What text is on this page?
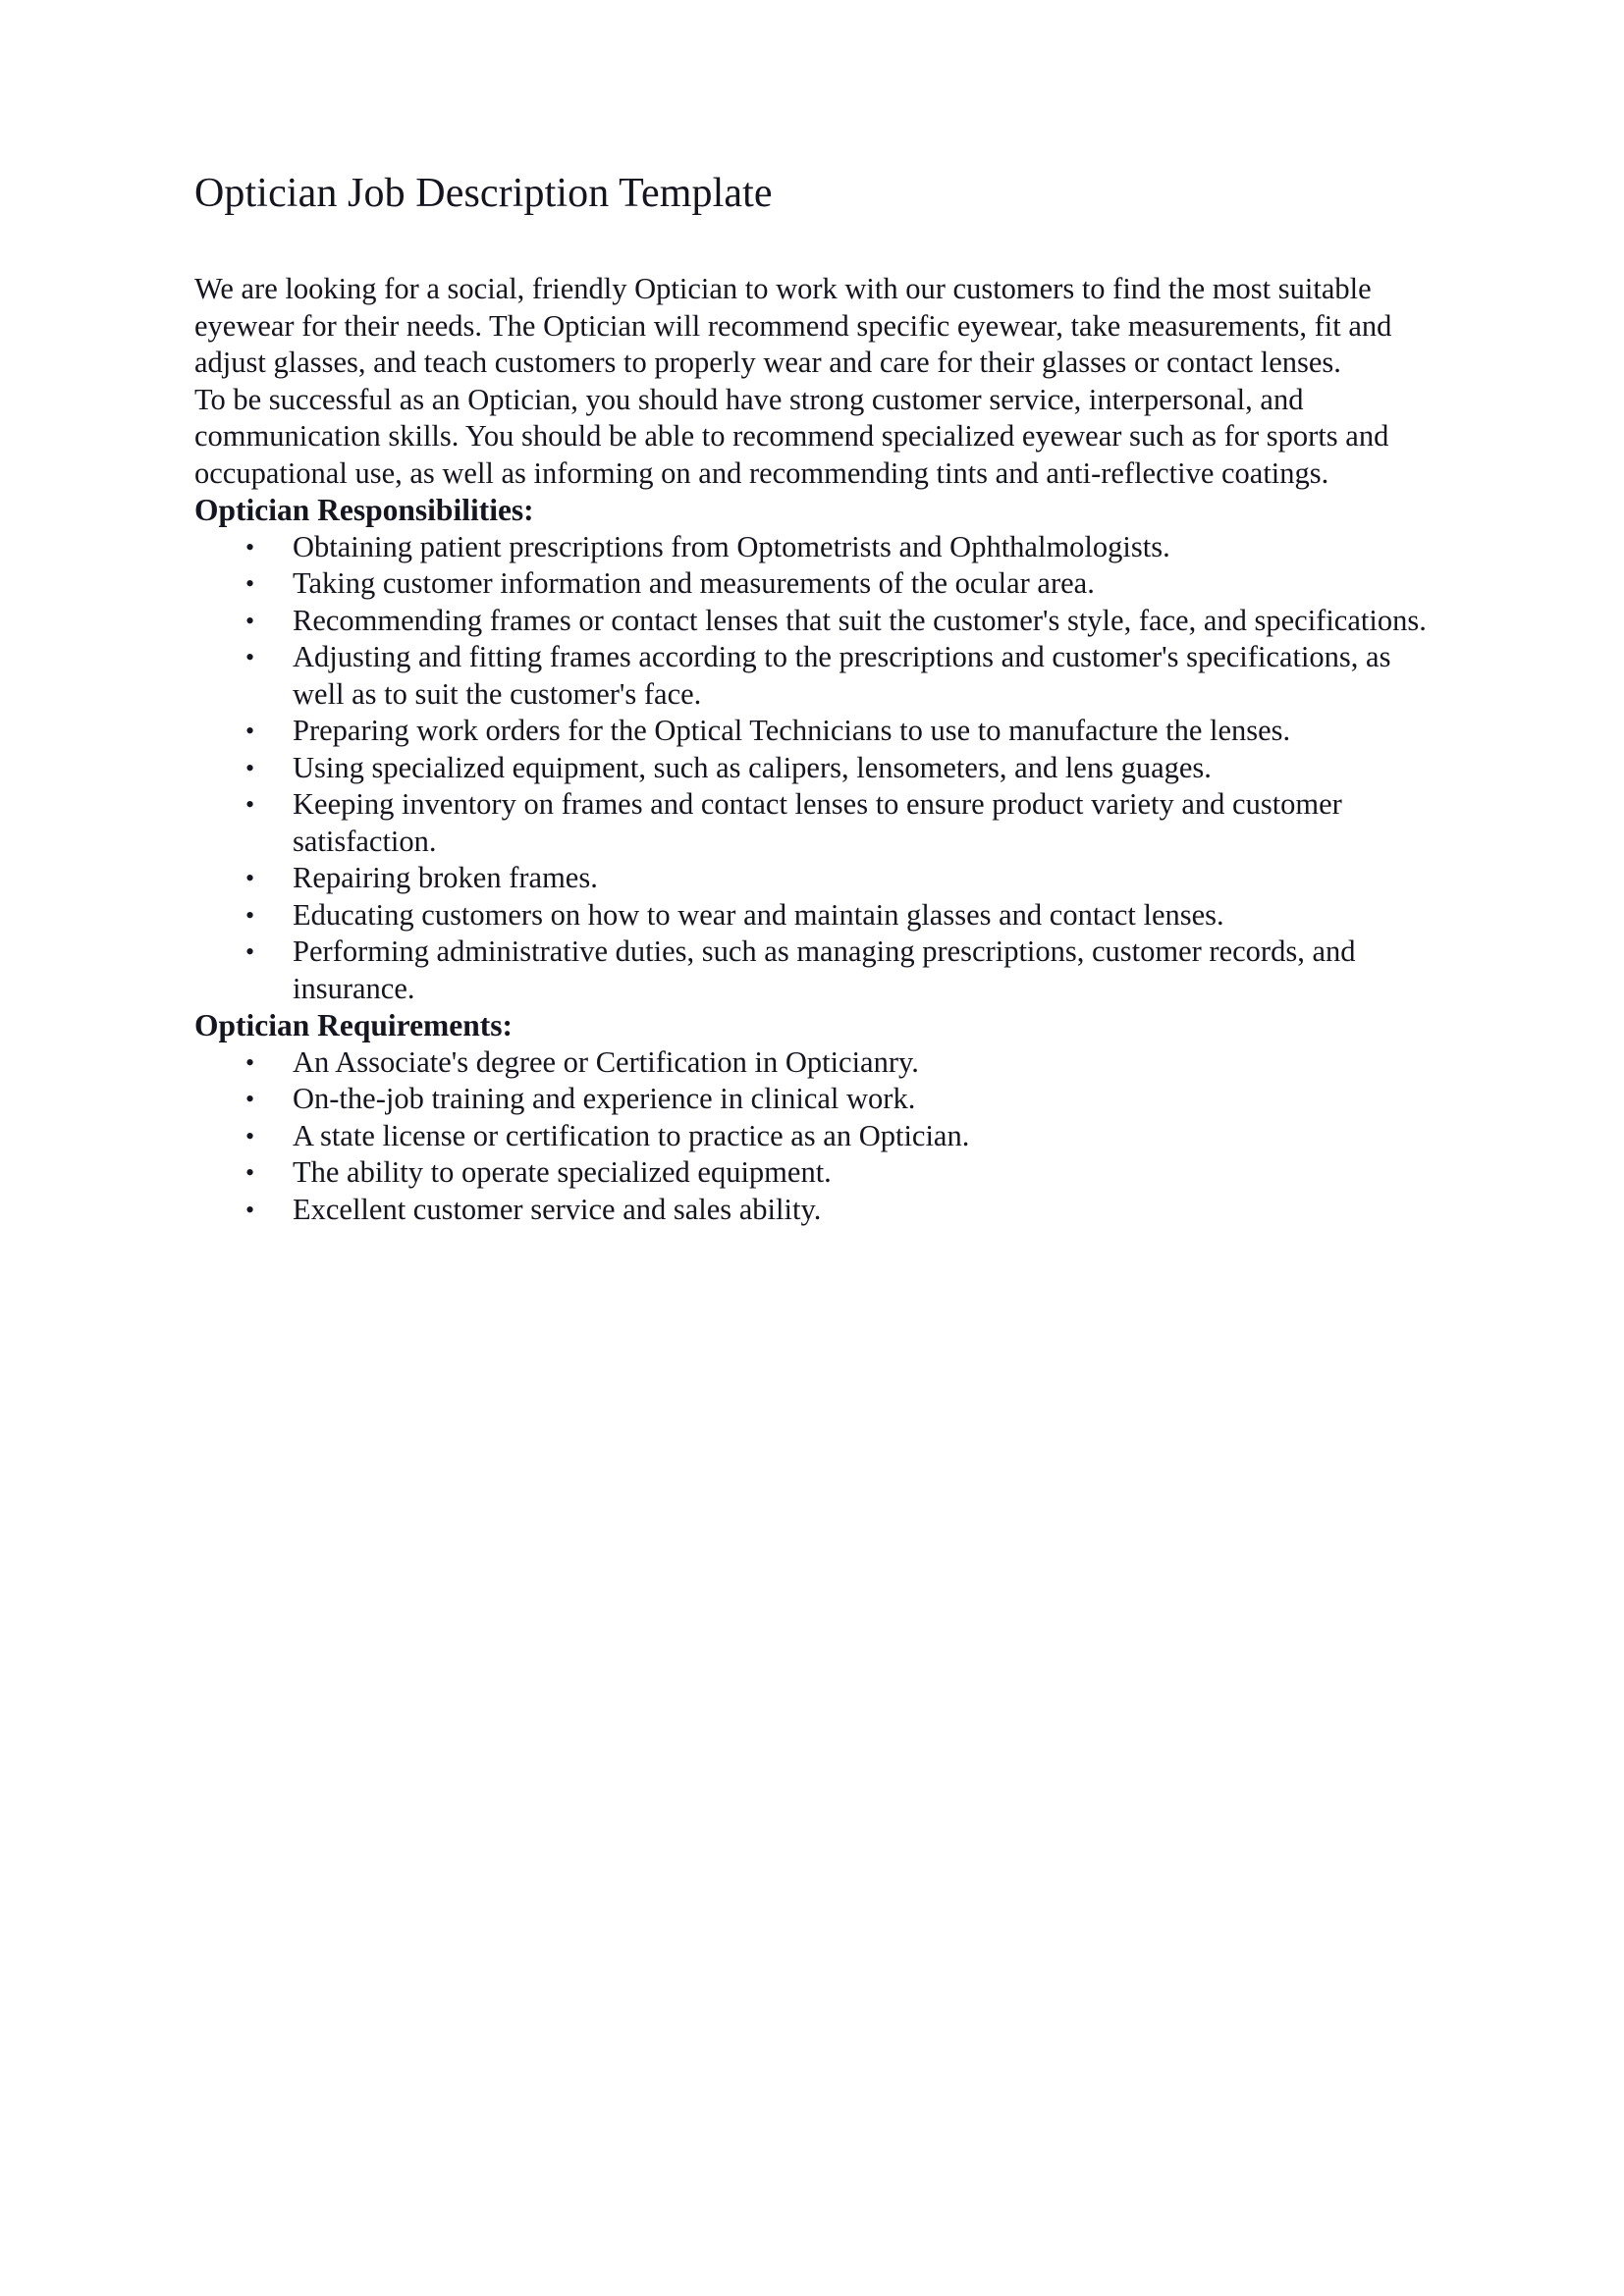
Optician Job Description Template

We are looking for a social, friendly Optician to work with our customers to find the most suitable eyewear for their needs. The Optician will recommend specific eyewear, take measurements, fit and adjust glasses, and teach customers to properly wear and care for their glasses or contact lenses.

To be successful as an Optician, you should have strong customer service, interpersonal, and communication skills. You should be able to recommend specialized eyewear such as for sports and occupational use, as well as informing on and recommending tints and anti-reflective coatings.

Optician Responsibilities:
• Obtaining patient prescriptions from Optometrists and Ophthalmologists.
• Taking customer information and measurements of the ocular area.
• Recommending frames or contact lenses that suit the customer's style, face, and specifications.
• Adjusting and fitting frames according to the prescriptions and customer's specifications, as well as to suit the customer's face.
• Preparing work orders for the Optical Technicians to use to manufacture the lenses.
• Using specialized equipment, such as calipers, lensometers, and lens guages.
• Keeping inventory on frames and contact lenses to ensure product variety and customer satisfaction.
• Repairing broken frames.
• Educating customers on how to wear and maintain glasses and contact lenses.
• Performing administrative duties, such as managing prescriptions, customer records, and insurance.
Optician Requirements:
• An Associate's degree or Certification in Opticianry.
• On-the-job training and experience in clinical work.
• A state license or certification to practice as an Optician.
• The ability to operate specialized equipment.
• Excellent customer service and sales ability.
